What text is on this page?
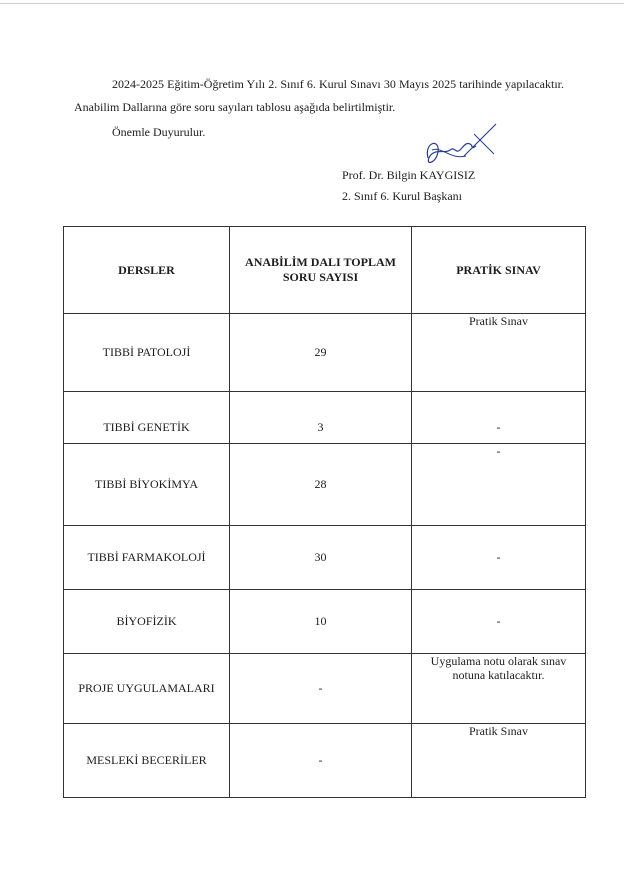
2024-2025 Eğitim-Öğretim Yılı 2. Sınıf 6. Kurul Sınavı 30 Mayıs 2025 tarihinde yapılacaktır. Anabilim Dallarına göre soru sayıları tablosu aşağıda belirtilmiştir.
Önemle Duyurulur.
Prof. Dr. Bilgin KAYGISIZ
2. Sınıf 6. Kurul Başkanı
DERSLER	ANABİLİM DALI TOPLAM SORU SAYISI	PRATİK SINAV
TIBBİ PATOLOJİ	29	Pratik Sınav
TIBBİ GENETİK	3	-
TIBBİ BİYOKİMYA	28	-
TIBBİ FARMAKOLOJİ	30	-
BİYOFİZİK	10	-
PROJE UYGULAMALARI	-	Uygulama notu olarak sınav notuna katılacaktır.
MESLEKİ BECERİLER	-	Pratik Sınav
